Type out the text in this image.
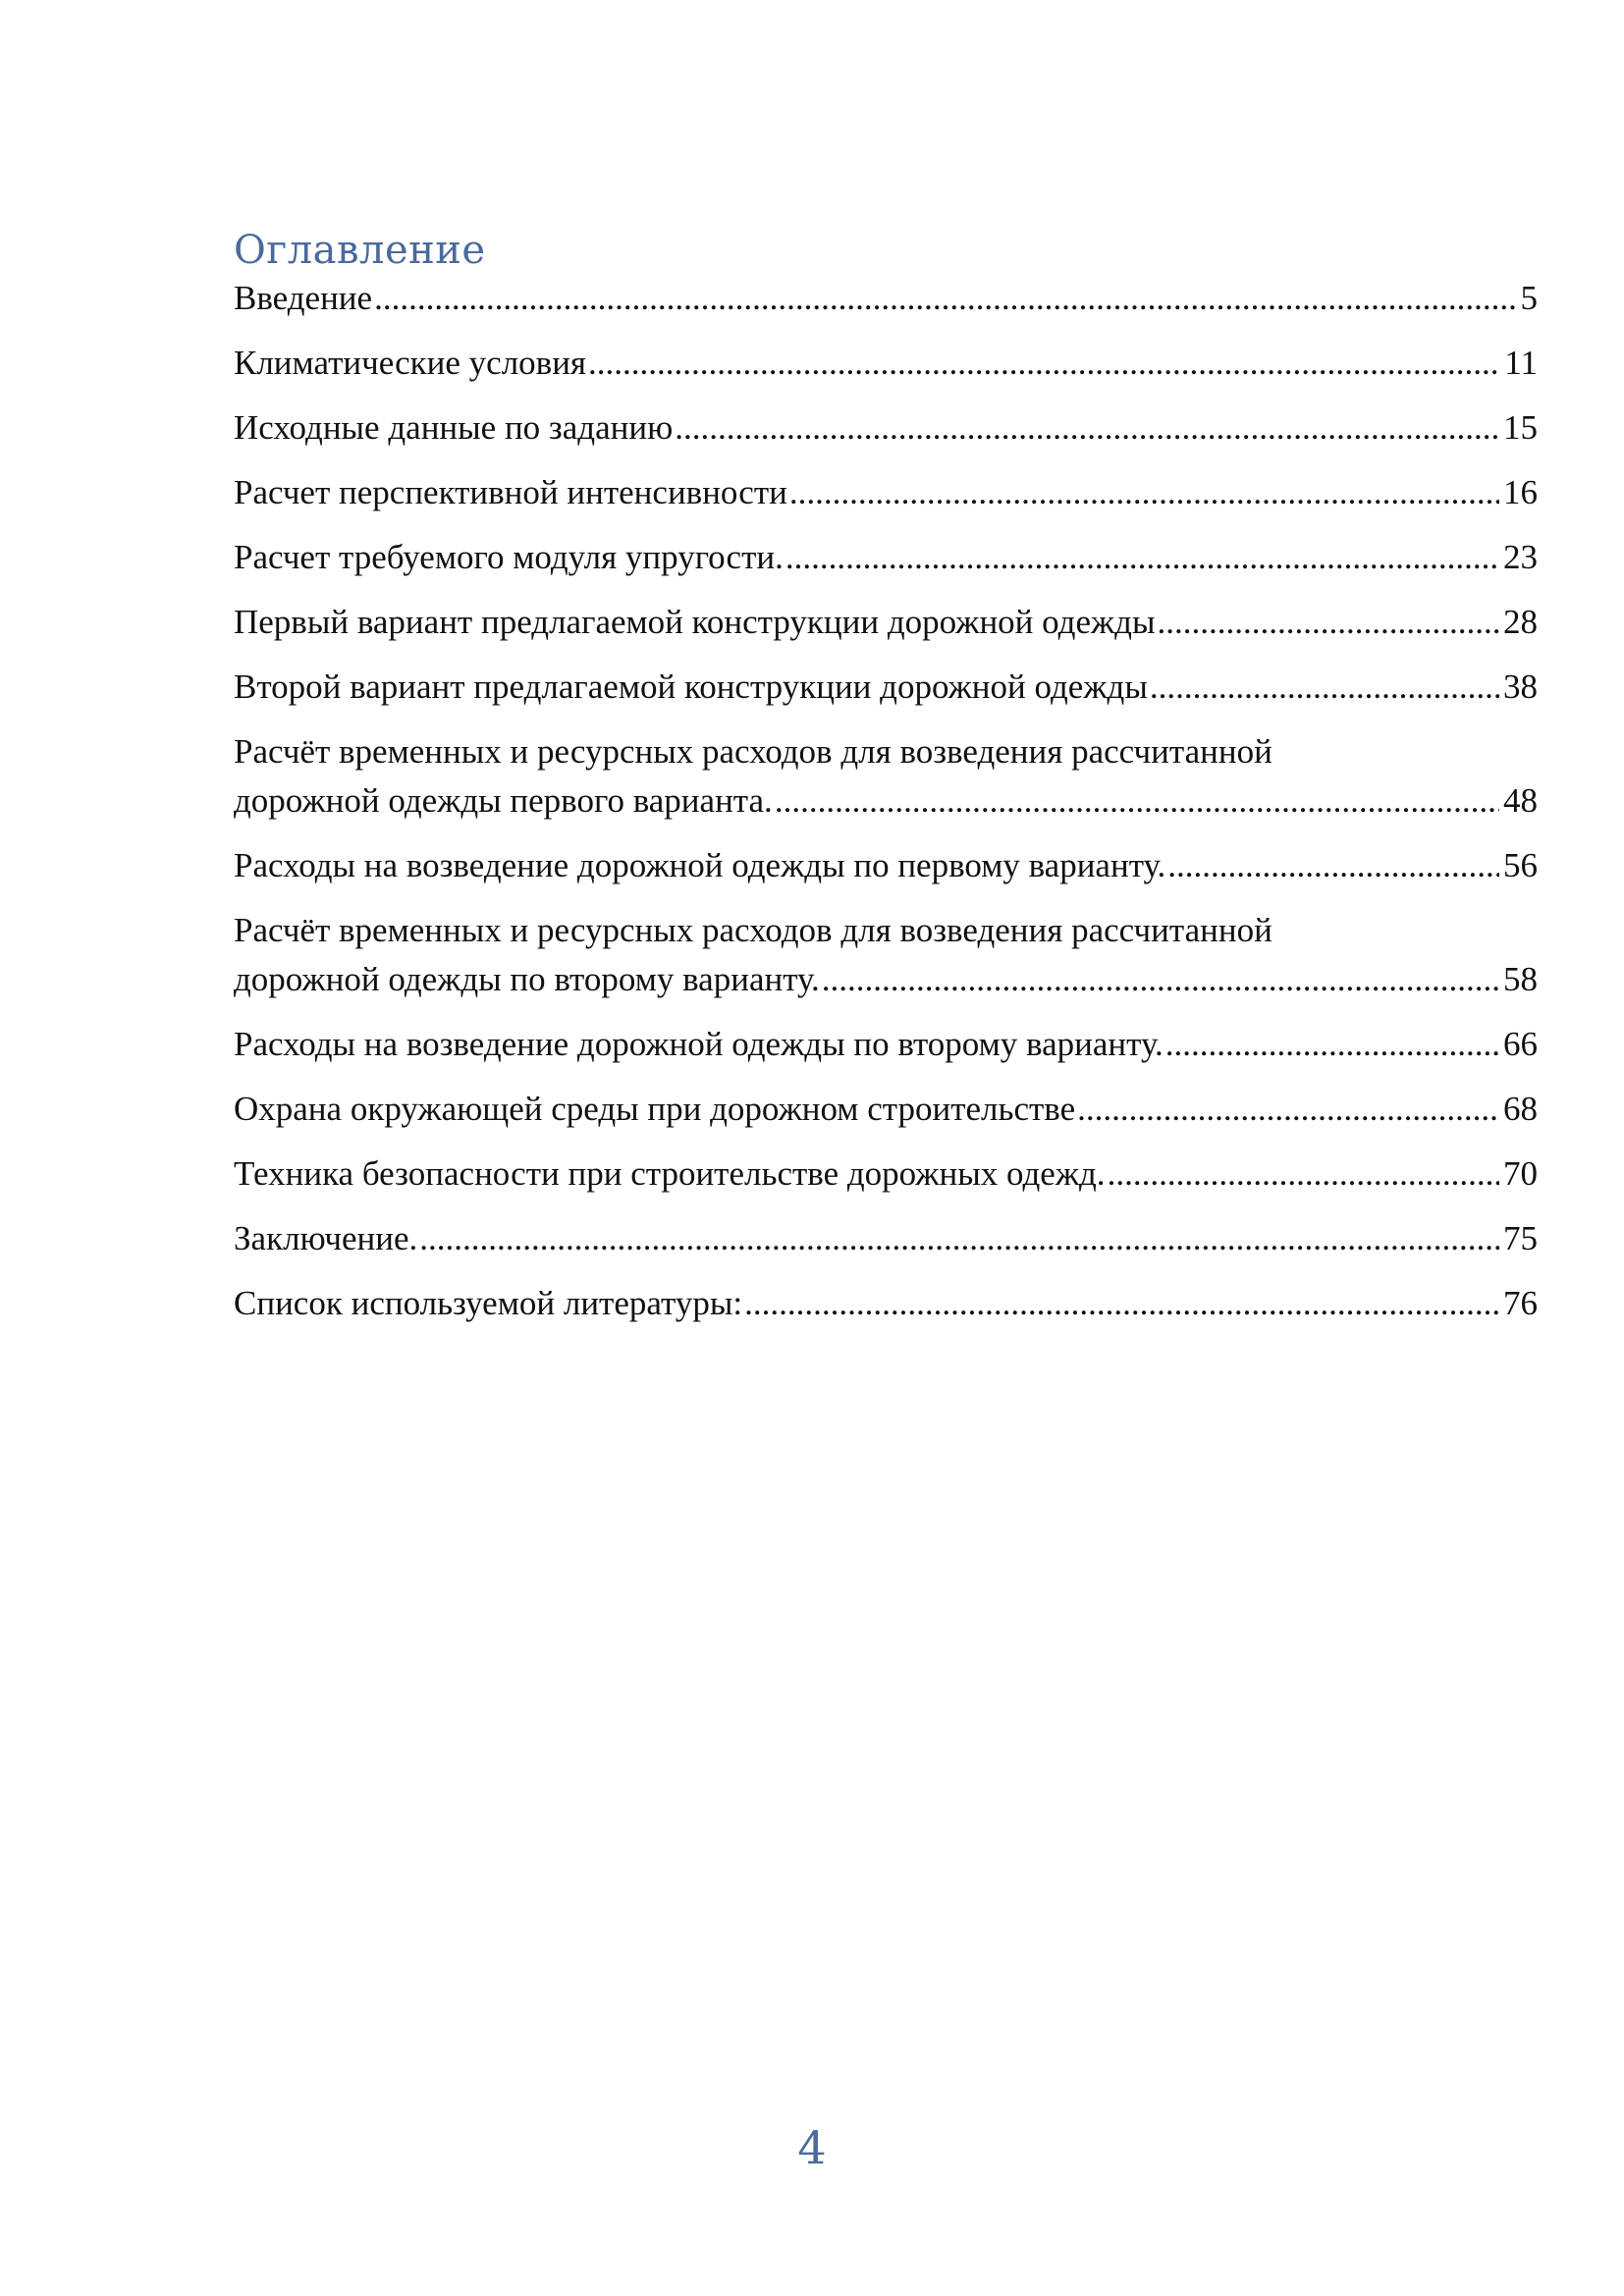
Оглавление
Введение .....	5
Климатические условия .....	11
Исходные данные по заданию .....	15
Расчет перспективной интенсивности .....	16
Расчет требуемого модуля упругости. .....	23
Первый вариант предлагаемой конструкции дорожной одежды .....	28
Второй вариант предлагаемой конструкции дорожной одежды .....	38
Расчёт временных и ресурсных расходов для возведения рассчитанной
дорожной одежды первого варианта. .....	48
Расходы на возведение дорожной одежды по первому варианту. .....	56
Расчёт временных и ресурсных расходов для возведения рассчитанной
дорожной одежды по второму варианту. .....	58
Расходы на возведение дорожной одежды по второму варианту. .....	66
Охрана окружающей среды при дорожном строительстве .....	68
Техника безопасности при строительстве дорожных одежд. .....	70
Заключение. .....	75
Список используемой литературы: .....	76
4
